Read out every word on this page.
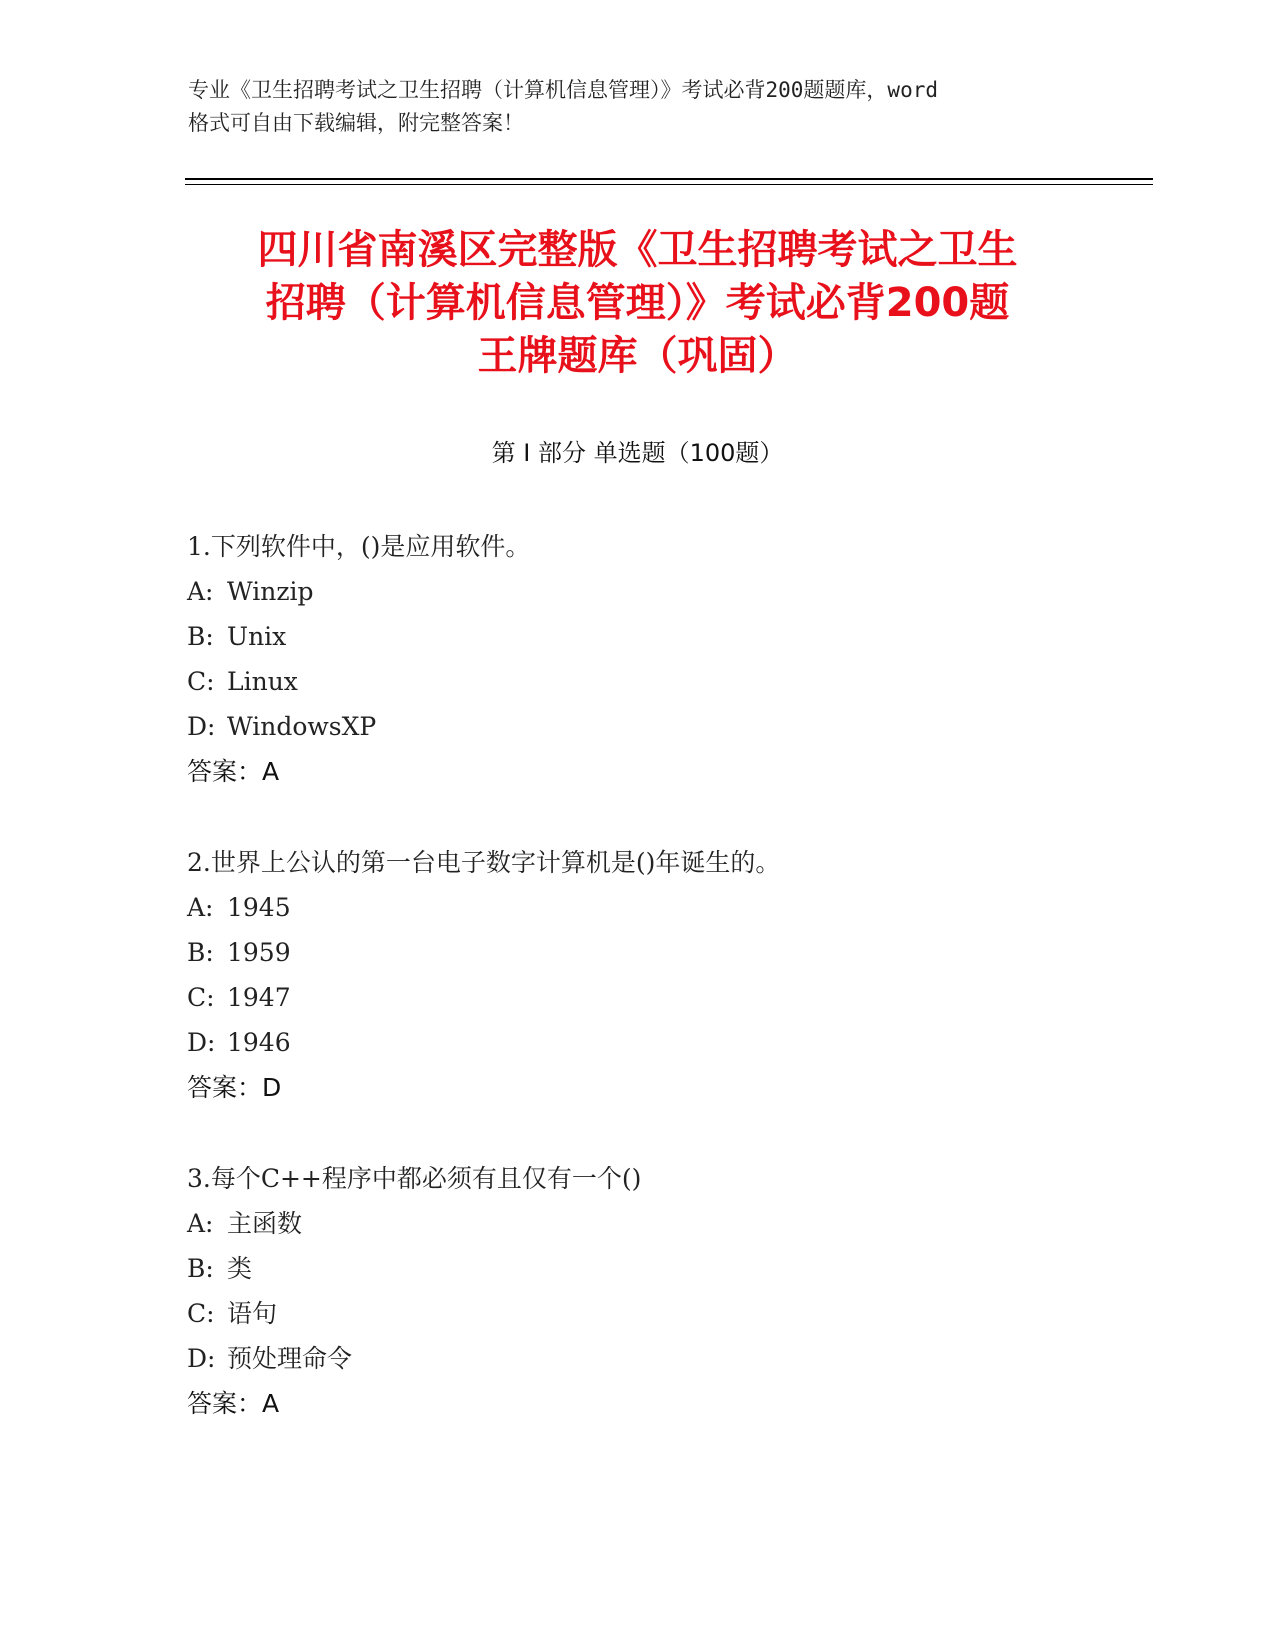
专业《卫生招聘考试之卫生招聘（计算机信息管理）》考试必背200题题库，word
格式可自由下载编辑，附完整答案！
四川省南溪区完整版《卫生招聘考试之卫生
招聘（计算机信息管理）》考试必背200题
王牌题库（巩固）
第 I 部分 单选题（100题）
1.下列软件中，()是应用软件。
A: Winzip
B: Unix
C: Linux
D: WindowsXP
答案：A
2.世界上公认的第一台电子数字计算机是()年诞生的。
A: 1945
B: 1959
C: 1947
D: 1946
答案：D
3.每个C++程序中都必须有且仅有一个()
A: 主函数
B: 类
C: 语句
D: 预处理命令
答案：A
